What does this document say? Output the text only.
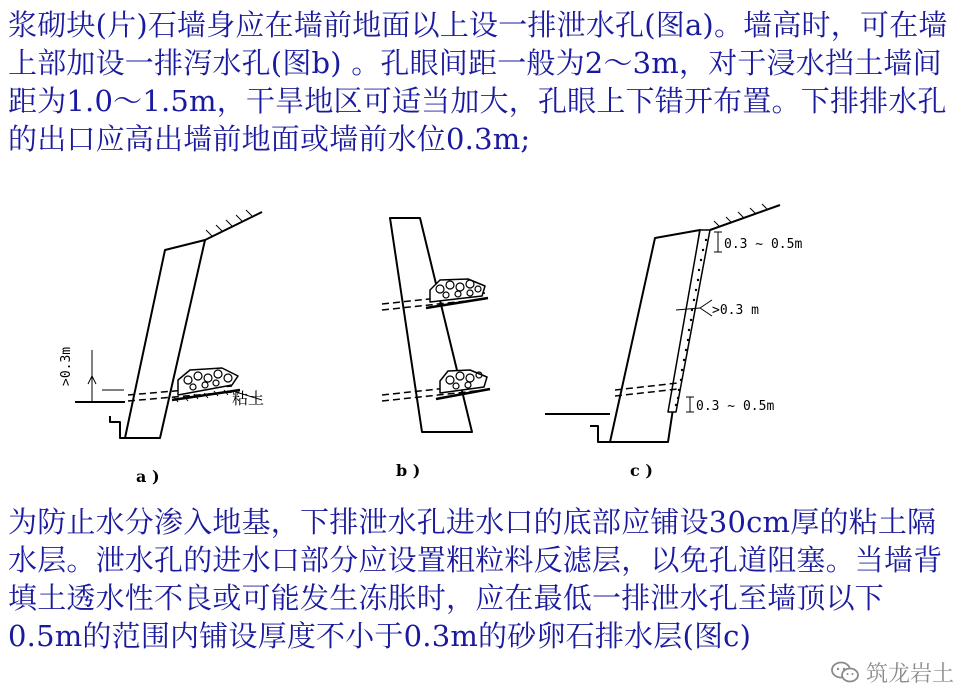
浆砌块(片)石墙身应在墙前地面以上设一排泄水孔(图a)。墙高时，可在墙上部加设一排泻水孔(图b) 。孔眼间距一般为2～3m，对于浸水挡土墙间距为1.0～1.5m，干旱地区可适当加大，孔眼上下错开布置。下排排水孔的出口应高出墙前地面或墙前水位0.3m;

>0.3m
粘土
0.3 ~ 0.5m
>0.3 m
0.3 ~ 0.5m
a )	b )	c )

为防止水分渗入地基，下排泄水孔进水口的底部应铺设30cm厚的粘土隔水层。泄水孔的进水口部分应设置粗粒料反滤层，以免孔道阻塞。当墙背填土透水性不良或可能发生冻胀时，应在最低一排泄水孔至墙顶以下0.5m的范围内铺设厚度不小于0.3m的砂卵石排水层(图c)

筑龙岩土
